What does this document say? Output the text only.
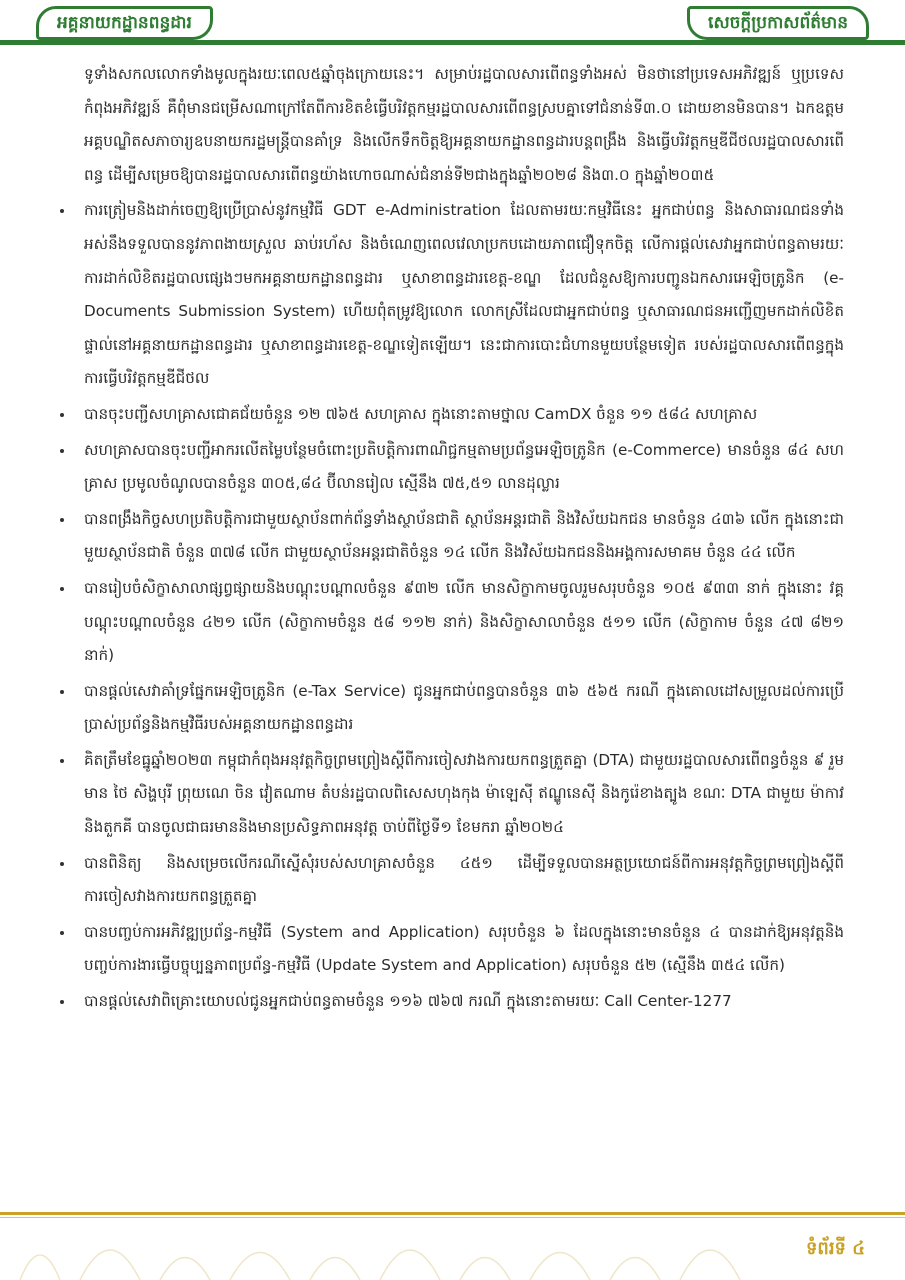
អគ្គនាយកដ្ឋានពន្ធដារ	សេចក្ដីប្រកាសព័ត៌មាន

ទូទាំងសកលលោកទាំងមូលក្នុងរយៈពេល៥ឆ្នាំចុងក្រោយនេះ។ សម្រាប់រដ្ឋបាលសារពើពន្ធទាំងអស់ មិនថានៅប្រទេសអភិវឌ្ឍន៍ ឬប្រទេសកំពុងអភិវឌ្ឍន៍ គឺពុំមានជម្រើសណាក្រៅតែពីការខិតខំធ្វើបរិវត្តកម្មរដ្ឋបាលសារពើពន្ធស្របគ្នាទៅជំនាន់ទី៣.០ ដោយខានមិនបាន។ ឯកឧត្តមអគ្គបណ្ឌិតសភាចារ្យឧបនាយករដ្ឋមន្ត្រីបានគាំទ្រ និងលើកទឹកចិត្តឱ្យអគ្គនាយកដ្ឋានពន្ធដារបន្តពង្រឹង និងធ្វើបរិវត្តកម្មឌីជីថលរដ្ឋបាលសារពើពន្ធ ដើម្បីសម្រេចឱ្យបានរដ្ឋបាលសារពើពន្ធយ៉ាងហោចណាស់ជំនាន់ទី២ជាងក្នុងឆ្នាំ២០២៨ និង៣.០ ក្នុងឆ្នាំ២០៣៥

ការត្រៀមនិងដាក់ចេញឱ្យប្រើប្រាស់នូវកម្មវិធី GDT e-Administration ដែលតាមរយៈកម្មវិធីនេះ អ្នកជាប់ពន្ធ និងសាធារណជនទាំងអស់នឹងទទួលបាននូវភាពងាយស្រួល ឆាប់រហ័ស និងចំណេញពេលវេលាប្រកបដោយភាពជឿទុកចិត្ត លើការផ្ដល់សេវាអ្នកជាប់ពន្ធតាមរយៈការដាក់លិខិតរដ្ឋបាលផ្សេងៗមកអគ្គនាយកដ្ឋានពន្ធដារ ឬសាខាពន្ធដារខេត្ត-ខណ្ឌ ដែលជំនួសឱ្យការបញ្ជូនឯកសារអេឡិចត្រូនិក (e-Documents Submission System) ហើយពុំតម្រូវឱ្យលោក លោកស្រីដែលជាអ្នកជាប់ពន្ធ ឬសាធារណជនអញ្ជើញមកដាក់លិខិតផ្ទាល់នៅអគ្គនាយកដ្ឋានពន្ធដារ ឬសាខាពន្ធដារខេត្ត-ខណ្ឌទៀតឡើយ។ នេះជាការបោះជំហានមួយបន្ថែមទៀត របស់រដ្ឋបាលសារពើពន្ធក្នុងការធ្វើបរិវត្តកម្មឌីជីថល
បានចុះបញ្ជីសហគ្រាសជោគជ័យចំនួន ១២ ៧៦៥ សហគ្រាស ក្នុងនោះតាមថ្នាល CamDX ចំនួន ១១ ៥៨៤ សហគ្រាស
សហគ្រាសបានចុះបញ្ជីអាករលើតម្លៃបន្ថែមចំពោះប្រតិបត្តិការពាណិជ្ជកម្មតាមប្រព័ន្ធអេឡិចត្រូនិក (e-Commerce) មានចំនួន ៨៤ សហគ្រាស ប្រមូលចំណូលបានចំនួន ៣០៥,៨៤ ប៊ីលានរៀល ស្មើនឹង ៧៥,៥១ លានដុល្លារ
បានពង្រឹងកិច្ចសហប្រតិបត្តិការជាមួយស្ថាប័នពាក់ព័ន្ធទាំងស្ថាប័នជាតិ ស្ថាប័នអន្តរជាតិ និងវិស័យឯកជន មានចំនួន ៤៣៦ លើក ក្នុងនោះជាមួយស្ថាប័នជាតិ ចំនួន ៣៧៨ លើក ជាមួយស្ថាប័នអន្តរជាតិចំនួន ១៤ លើក និងវិស័យឯកជននិងអង្គការសមាគម ចំនួន ៤៤ លើក
បានរៀបចំសិក្ខាសាលាផ្សព្វផ្សាយនិងបណ្ដុះបណ្ដាលចំនួន ៩៣២ លើក មានសិក្ខាកាមចូលរួមសរុបចំនួន ១០៥ ៩៣៣ នាក់ ក្នុងនោះ វគ្គបណ្ដុះបណ្ដាលចំនួន ៤២១ លើក (សិក្ខាកាមចំនួន ៥៨ ១១២ នាក់) និងសិក្ខាសាលាចំនួន ៥១១ លើក (សិក្ខាកាម ចំនួន ៤៧ ៨២១ នាក់)
បានផ្ដល់សេវាគាំទ្រផ្នែកអេឡិចត្រូនិក (e-Tax Service) ជូនអ្នកជាប់ពន្ធបានចំនួន ៣៦ ៥៦៥ ករណី ក្នុងគោលដៅសម្រួលដល់ការប្រើប្រាស់ប្រព័ន្ធនិងកម្មវិធីរបស់អគ្គនាយកដ្ឋានពន្ធដារ
គិតត្រឹមខែធ្នូឆ្នាំ២០២៣ កម្ពុជាកំពុងអនុវត្តកិច្ចព្រមព្រៀងស្ដីពីការចៀសវាងការយកពន្ធត្រួតគ្នា (DTA) ជាមួយរដ្ឋបាលសារពើពន្ធចំនួន ៩ រួមមាន ថៃ សិង្ហបុរី ព្រុយណេ ចិន វៀតណាម តំបន់រដ្ឋបាលពិសេសហុងកុង ម៉ាឡេស៊ី ឥណ្ឌូនេស៊ី និងកូរ៉េខាងត្បូង ខណៈ DTA ជាមួយ ម៉ាកាវ និងតួកគី បានចូលជាធរមាននិងមានប្រសិទ្ធភាពអនុវត្ត ចាប់ពីថ្ងៃទី១ ខែមករា ឆ្នាំ២០២៤
បានពិនិត្យ និងសម្រេចលើករណីស្នើសុំរបស់សហគ្រាសចំនួន ៤៥១ ដើម្បីទទួលបានអត្ថប្រយោជន៍ពីការអនុវត្តកិច្ចព្រមព្រៀងស្ដីពីការចៀសវាងការយកពន្ធត្រួតគ្នា
បានបញ្ចប់ការអភិវឌ្ឍប្រព័ន្ធ-កម្មវិធី (System and Application) សរុបចំនួន ៦ ដែលក្នុងនោះមានចំនួន ៤ បានដាក់ឱ្យអនុវត្តនិងបញ្ចប់ការងារធ្វើបច្ចុប្បន្នភាពប្រព័ន្ធ-កម្មវិធី (Update System and Application) សរុបចំនួន ៥២ (ស្មើនឹង ៣៥៤ លើក)
បានផ្ដល់សេវាពិគ្រោះយោបល់ជូនអ្នកជាប់ពន្ធតាមចំនួន ១១៦ ៧៦៧ ករណី ក្នុងនោះតាមរយៈ Call Center-1277
ទំព័រទី ៤
